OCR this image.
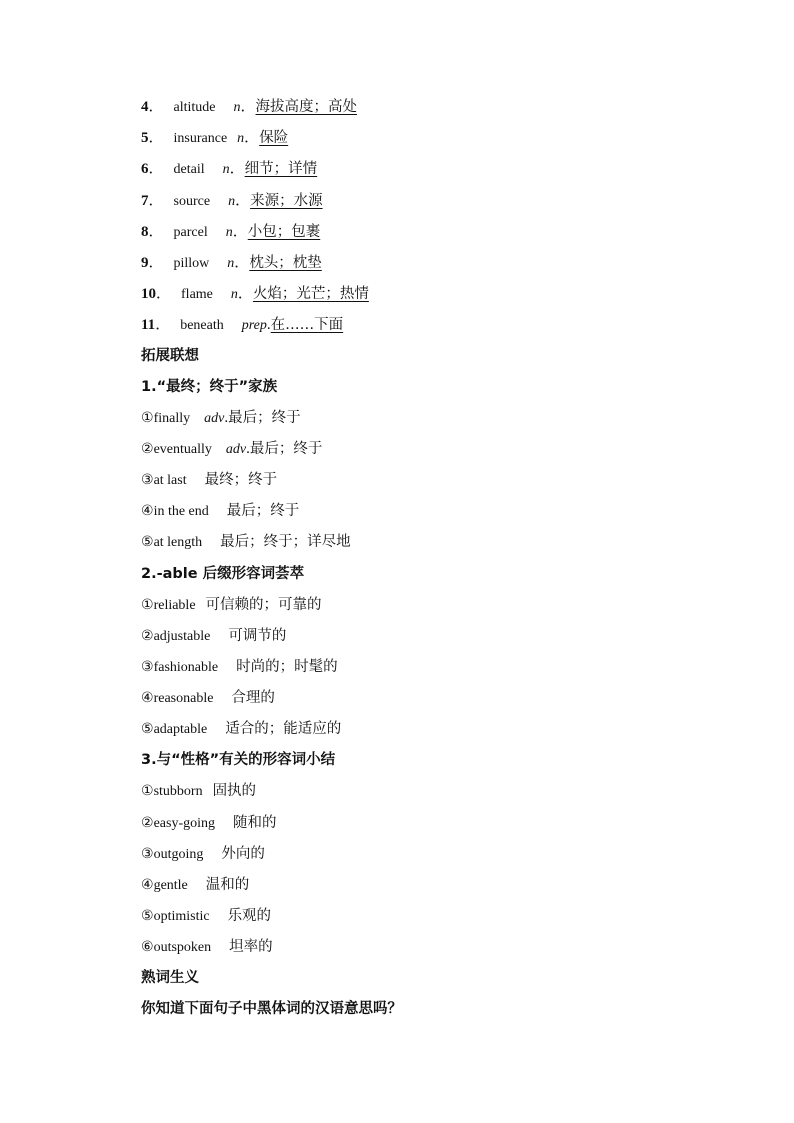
4． altitude n．海拔高度；高处
5． insurance n．保险
6． detail n．细节；详情
7． source n．来源；水源
8． parcel n．小包；包裹
9． pillow n．枕头；枕垫
10． flame n．火焰；光芒；热情
11． beneath prep.在……下面
拓展联想
1.“最终；终于”家族
①finally adv.最后；终于
②eventually adv.最后；终于
③at last 最终；终于
④in the end 最后；终于
⑤at length 最后；终于；详尽地
2.-able 后缀形容词荟萃
①reliable 可信赖的；可靠的
②adjustable 可调节的
③fashionable 时尚的；时髦的
④reasonable 合理的
⑤adaptable 适合的；能适应的
3.与“性格”有关的形容词小结
①stubborn 固执的
②easy-going 随和的
③outgoing 外向的
④gentle 温和的
⑤optimistic 乐观的
⑥outspoken 坦率的
熟词生义
你知道下面句子中黑体词的汉语意思吗？
